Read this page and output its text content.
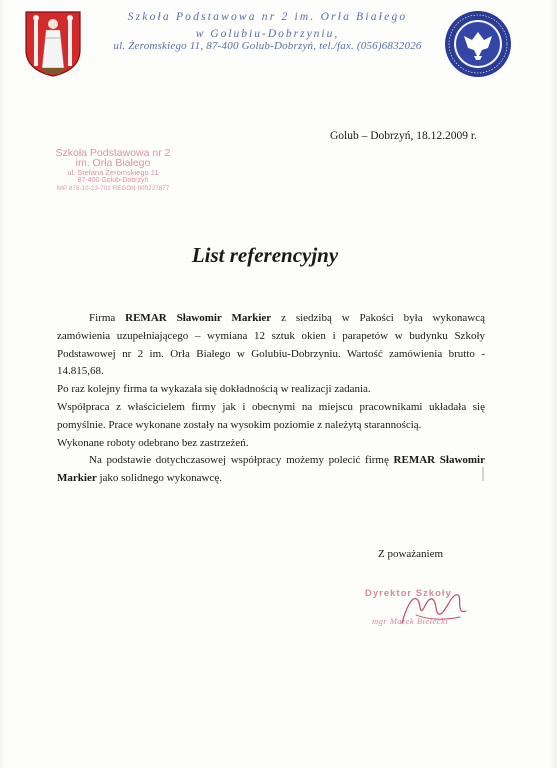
Szkoła Podstawowa nr 2 im. Orła Białego
w Golubiu-Dobrzyniu,
ul. Żeromskiego 11, 87-400 Golub-Dobrzyń, tel./fax. (056)6832026
Golub – Dobrzyń, 18.12.2009 r.
Szkoła Podstawowa nr 2
im. Orła Białego
ul. Stefana Żeromskiego 11
87-400 Golub-Dobrzyń
NIP 878-10-23-702 REGON 000227877
List referencyjny

Firma REMAR Sławomir Markier z siedzibą w Pakości była wykonawcą

zamówienia uzupełniającego – wymiana 12 sztuk okien i parapetów w budynku Szkoły

Podstawowej nr 2 im. Orła Białego w Golubiu-Dobrzyniu. Wartość zamówienia brutto -

14.815,68.

Po raz kolejny firma ta wykazała się dokładnością w realizacji zadania.

Współpraca z właścicielem firmy jak i obecnymi na miejscu pracownikami układała się

pomyślnie. Prace wykonane zostały na wysokim poziomie z należytą starannością.

Wykonane roboty odebrano bez zastrzeżeń.

Na podstawie dotychczasowej współpracy możemy polecić firmę REMAR Sławomir

Markier jako solidnego wykonawcę.

Z poważaniem
Dyrektor Szkoły
mgr Marek Bielecki
